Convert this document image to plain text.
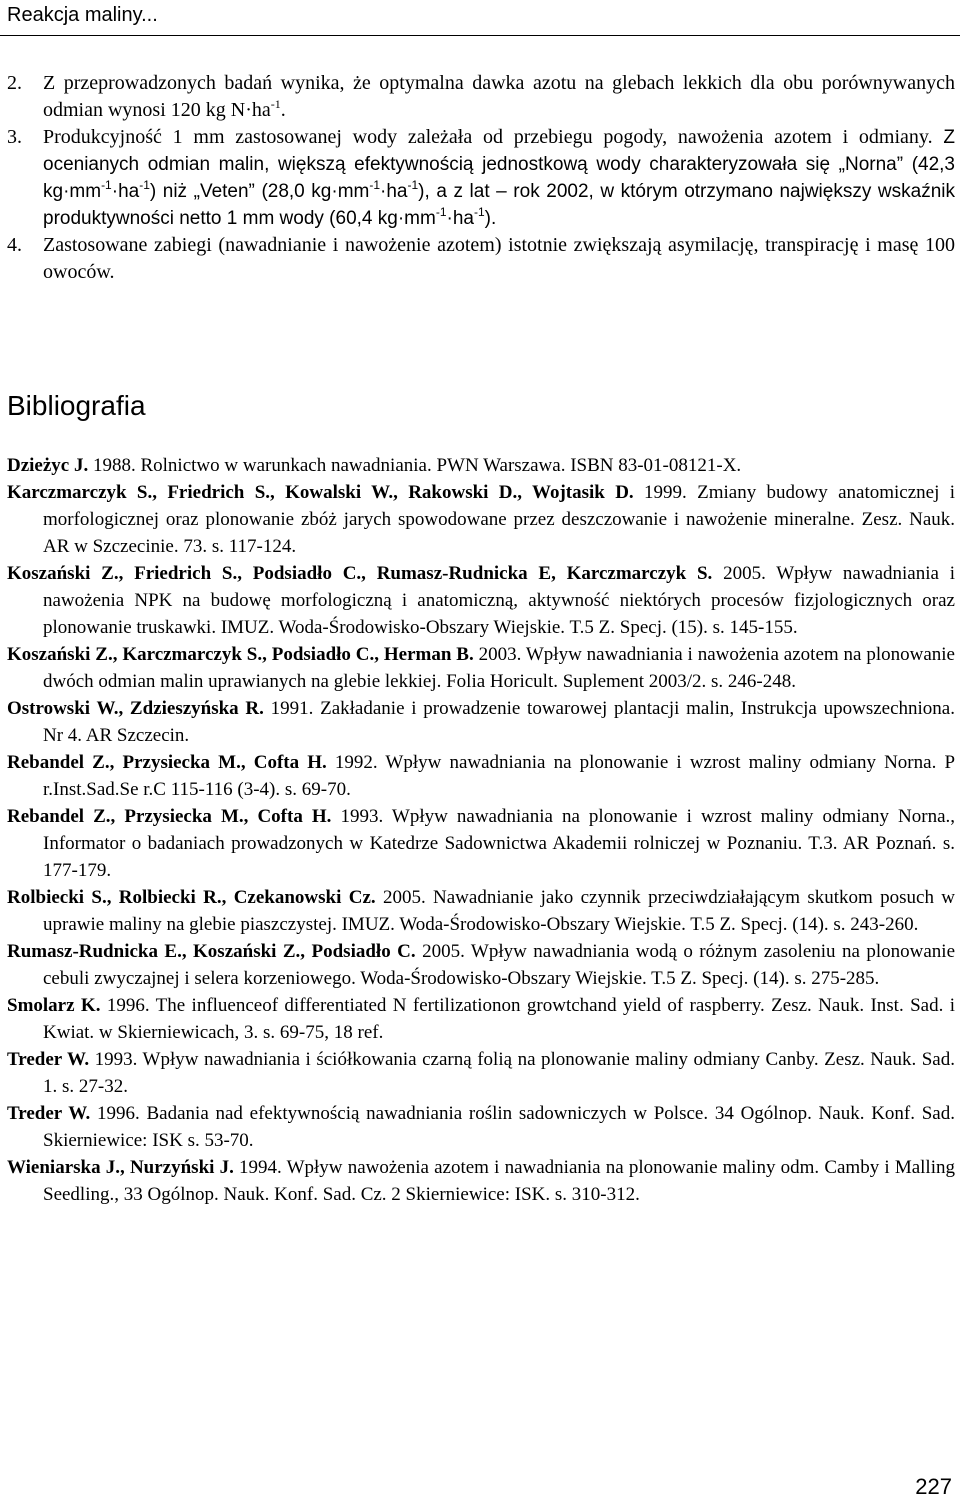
Reakcja maliny...
2. Z przeprowadzonych badań wynika, że optymalna dawka azotu na glebach lekkich dla obu porównywanych odmian wynosi 120 kg $N\cdot ha^{-1}$.
3. Produkcyjność 1 mm zastosowanej wody zależała od przebiegu pogody, nawożenia azotem i odmiany. Z ocenianych odmian malin, większą efektywnością jednostkową wody charakteryzowała się „Norna” (42,3 $kg\cdot mm^{-1}\cdot ha^{-1}$) niż „Veten” (28,0 $kg\cdot mm^{-1}\cdot ha^{-1}$), a z lat – rok 2002, w którym otrzymano największy wskaźnik produktywności netto 1 mm wody (60,4 $kg\cdot mm^{-1}\cdot ha^{-1}$).
4. Zastosowane zabiegi (nawadnianie i nawożenie azotem) istotnie zwiększają asymilację, transpirację i masę 100 owoców.
Bibliografia
Dzieżyc J. 1988. Rolnictwo w warunkach nawadniania. PWN Warszawa. ISBN 83-01-08121-X.
Karczmarczyk S., Friedrich S., Kowalski W., Rakowski D., Wojtasik D. 1999. Zmiany budowy anatomicznej i morfologicznej oraz plonowanie zbóż jarych spowodowane przez deszczowanie i nawożenie mineralne. Zesz. Nauk. AR w Szczecinie. 73. s. 117-124.
Koszański Z., Friedrich S., Podsiadło C., Rumasz-Rudnicka E, Karczmarczyk S. 2005. Wpływ nawadniania i nawożenia NPK na budowę morfologiczną i anatomiczną, aktywność niektórych procesów fizjologicznych oraz plonowanie truskawki. IMUZ. Woda-Środowisko-Obszary Wiejskie. T.5 Z. Specj. (15). s. 145-155.
Koszański Z., Karczmarczyk S., Podsiadło C., Herman B. 2003. Wpływ nawadniania i nawożenia azotem na plonowanie dwóch odmian malin uprawianych na glebie lekkiej. Folia Horicult. Suplement 2003/2. s. 246-248.
Ostrowski W., Zdzieszyńska R. 1991. Zakładanie i prowadzenie towarowej plantacji malin, Instrukcja upowszechniona. Nr 4. AR Szczecin.
Rebandel Z., Przysiecka M., Cofta H. 1992. Wpływ nawadniania na plonowanie i wzrost maliny odmiany Norna. P r.Inst.Sad.Se r.C 115-116 (3-4). s. 69-70.
Rebandel Z., Przysiecka M., Cofta H. 1993. Wpływ nawadniania na plonowanie i wzrost maliny odmiany Norna., Informator o badaniach prowadzonych w Katedrze Sadownictwa Akademii rolniczej w Poznaniu. T.3. AR Poznań. s. 177-179.
Rolbiecki S., Rolbiecki R., Czekanowski Cz. 2005. Nawadnianie jako czynnik przeciwdziałającym skutkom posuch w uprawie maliny na glebie piaszczystej. IMUZ. Woda-Środowisko-Obszary Wiejskie. T.5 Z. Specj. (14). s. 243-260.
Rumasz-Rudnicka E., Koszański Z., Podsiadło C. 2005. Wpływ nawadniania wodą o różnym zasoleniu na plonowanie cebuli zwyczajnej i selera korzeniowego. Woda-Środowisko-Obszary Wiejskie. T.5 Z. Specj. (14). s. 275-285.
Smolarz K. 1996. The influenceof differentiated N fertilizationon growtchand yield of raspberry. Zesz. Nauk. Inst. Sad. i Kwiat. w Skierniewicach, 3. s. 69-75, 18 ref.
Treder W. 1993. Wpływ nawadniania i ściółkowania czarną folią na plonowanie maliny odmiany Canby. Zesz. Nauk. Sad. 1. s. 27-32.
Treder W. 1996. Badania nad efektywnością nawadniania roślin sadowniczych w Polsce. 34 Ogólnop. Nauk. Konf. Sad. Skierniewice: ISK s. 53-70.
Wieniarska J., Nurzyński J. 1994. Wpływ nawożenia azotem i nawadniania na plonowanie maliny odm. Camby i Malling Seedling., 33 Ogólnop. Nauk. Konf. Sad. Cz. 2 Skierniewice: ISK. s. 310-312.
227
